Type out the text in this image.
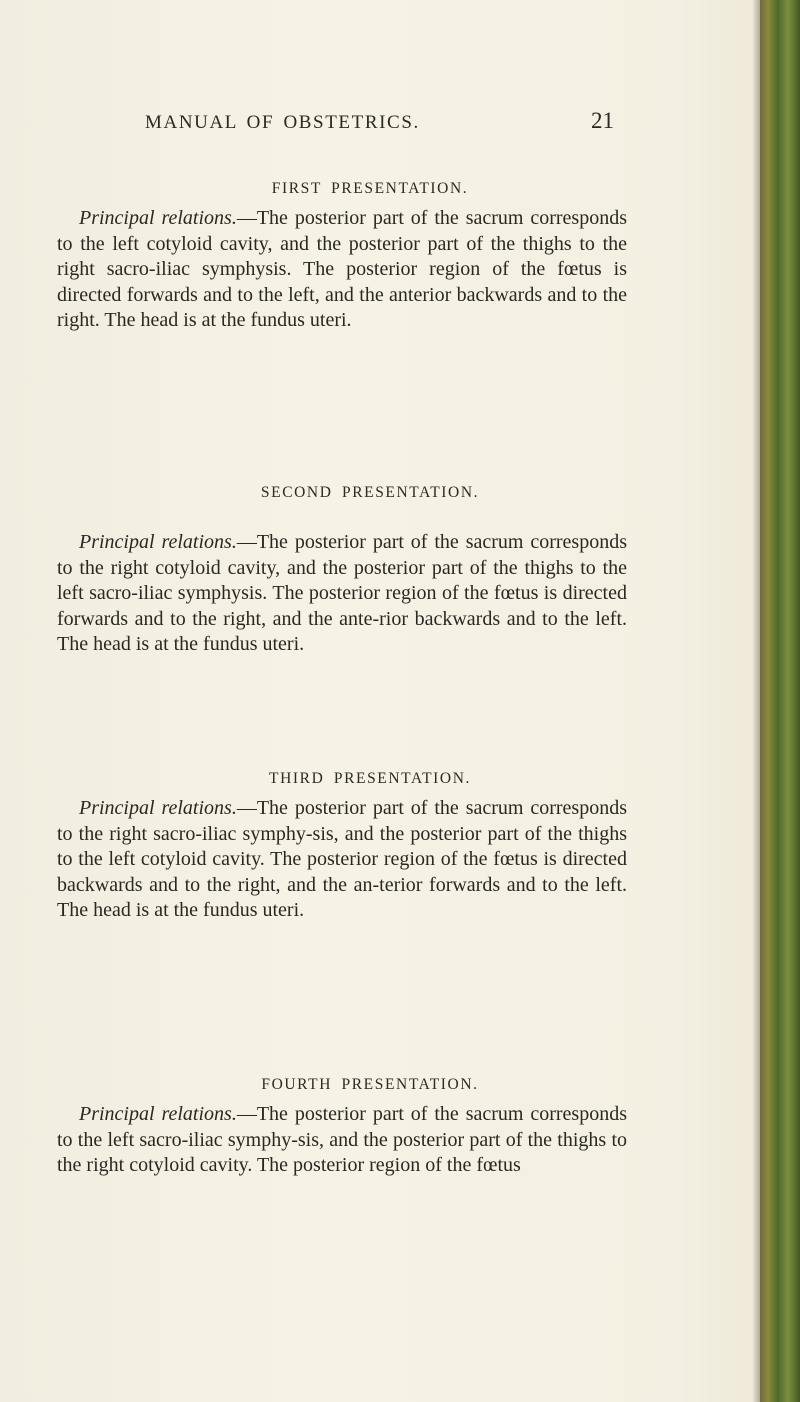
MANUAL OF OBSTETRICS.	21
FIRST PRESENTATION.

Principal relations.—The posterior part of the sacrum corresponds to the left cotyloid cavity, and the posterior part of the thighs to the right sacro-iliac symphysis. The posterior region of the fœtus is directed forwards and to the left, and the anterior backwards and to the right. The head is at the fundus uteri.

SECOND PRESENTATION.

Principal relations.—The posterior part of the sacrum corresponds to the right cotyloid cavity, and the posterior part of the thighs to the left sacro-iliac symphysis. The posterior region of the fœtus is directed forwards and to the right, and the ante-rior backwards and to the left. The head is at the fundus uteri.

THIRD PRESENTATION.

Principal relations.—The posterior part of the sacrum corresponds to the right sacro-iliac symphy-sis, and the posterior part of the thighs to the left cotyloid cavity. The posterior region of the fœtus is directed backwards and to the right, and the an-terior forwards and to the left. The head is at the fundus uteri.

FOURTH PRESENTATION.

Principal relations.—The posterior part of the sacrum corresponds to the left sacro-iliac symphy-sis, and the posterior part of the thighs to the right cotyloid cavity. The posterior region of the fœtus
